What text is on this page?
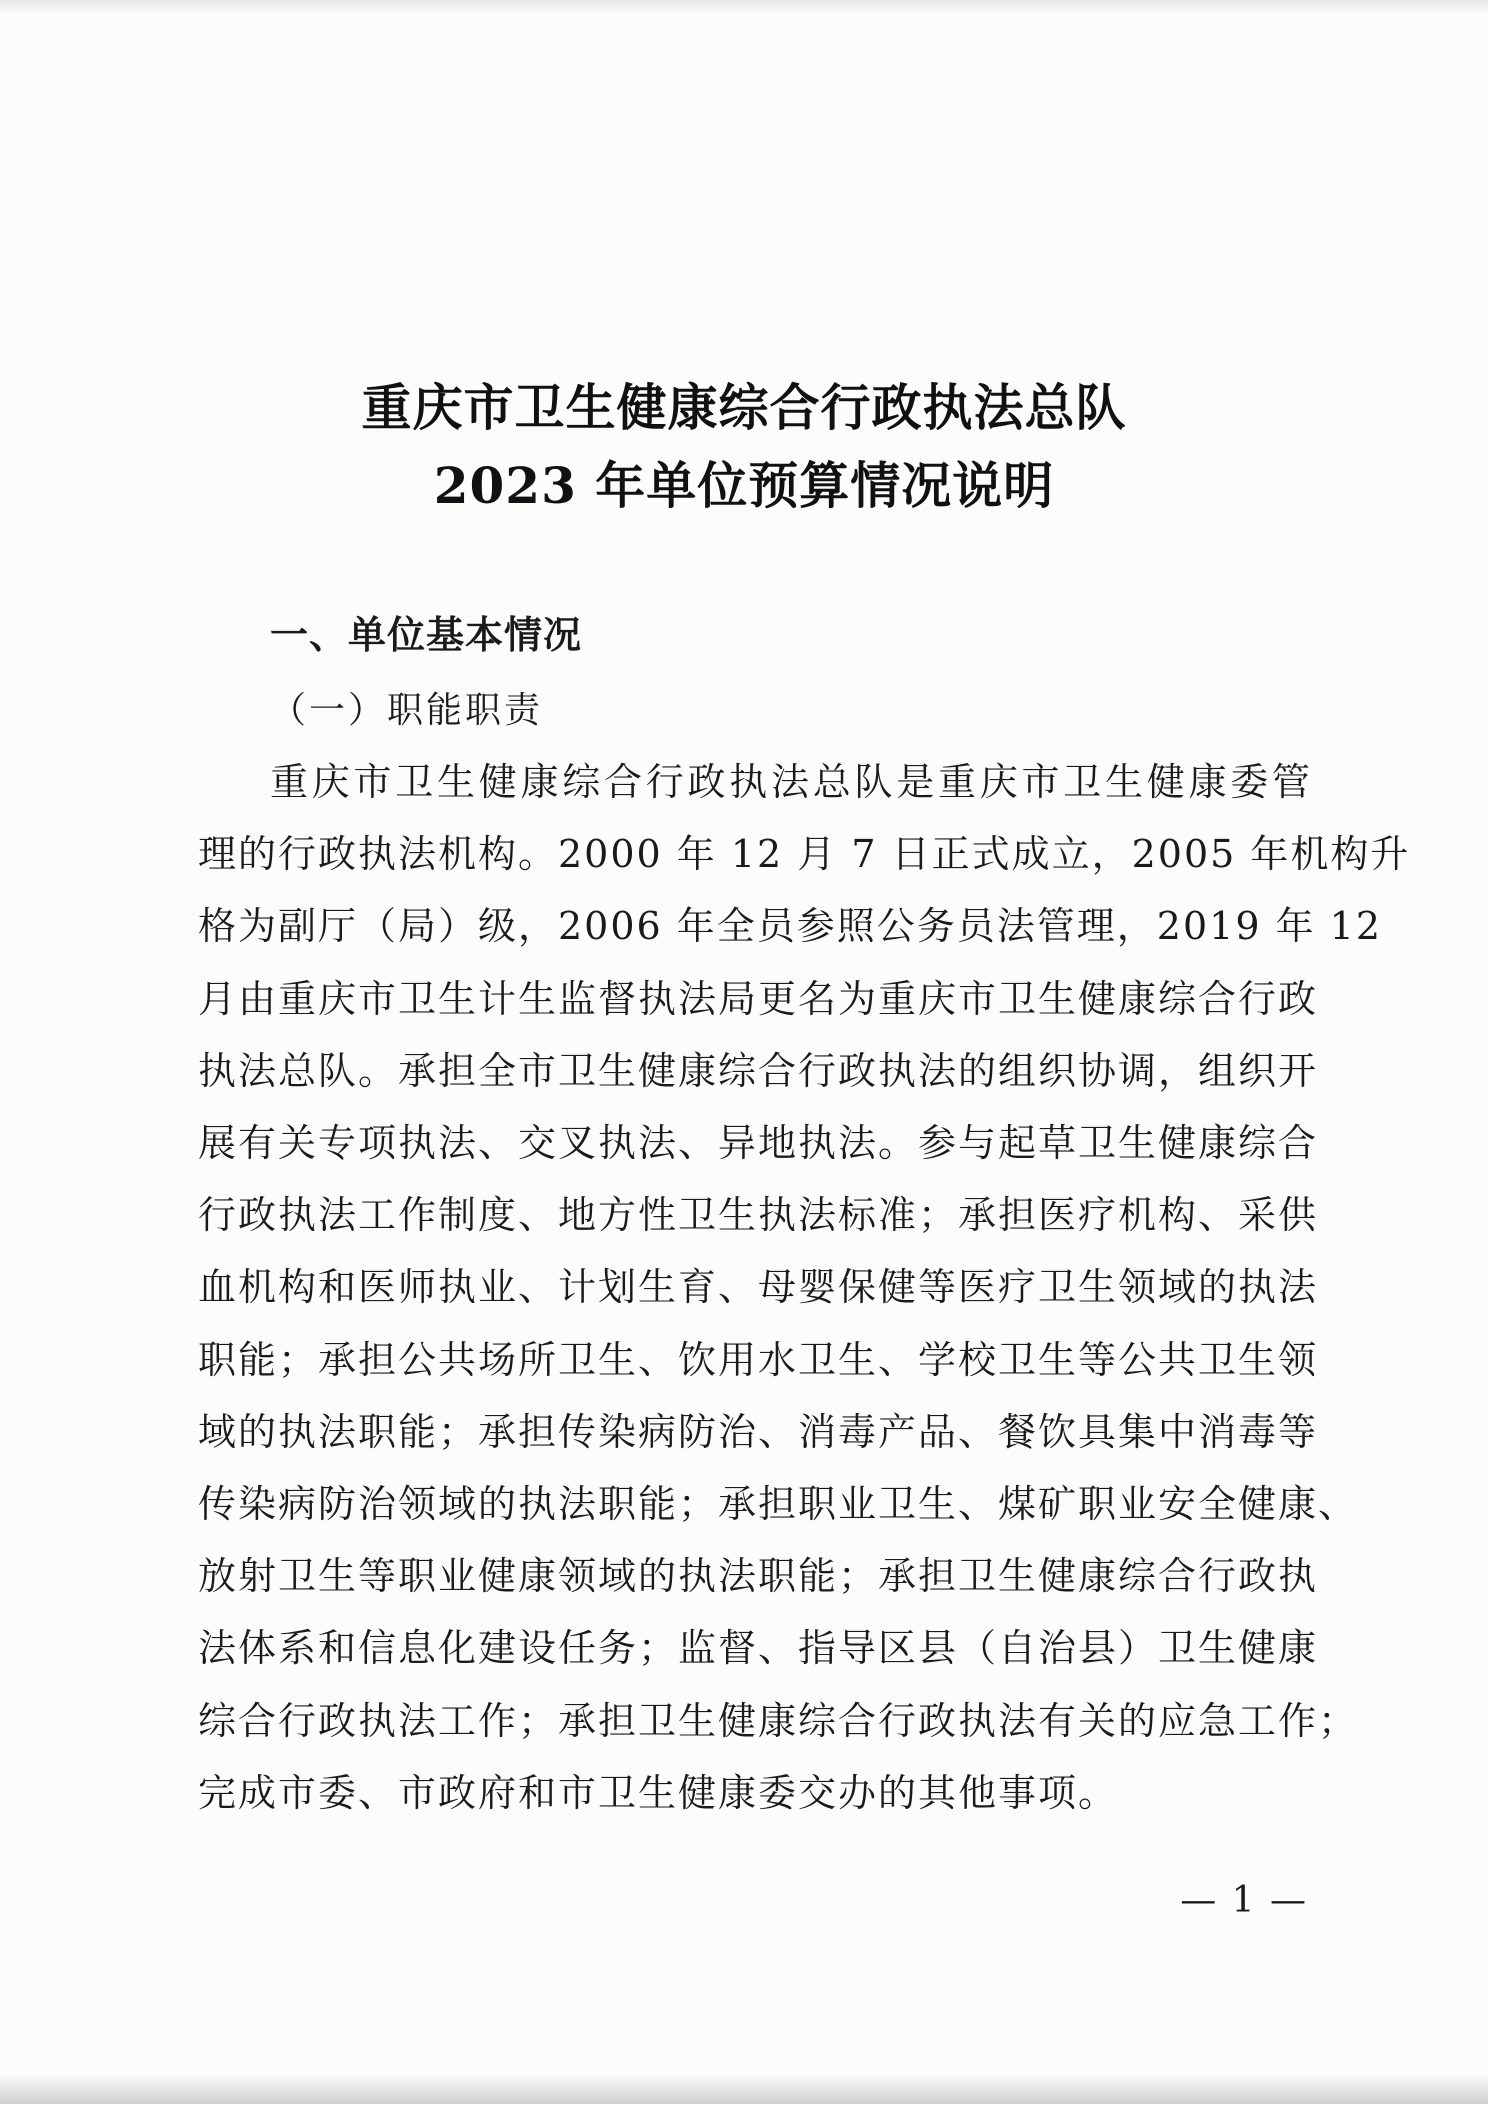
重庆市卫生健康综合行政执法总队
2023 年单位预算情况说明
一、单位基本情况
（一）职能职责
重庆市卫生健康综合行政执法总队是重庆市卫生健康委管
理的行政执法机构。2000 年 12 月 7 日正式成立，2005 年机构升
格为副厅（局）级，2006 年全员参照公务员法管理，2019 年 12
月由重庆市卫生计生监督执法局更名为重庆市卫生健康综合行政
执法总队。承担全市卫生健康综合行政执法的组织协调，组织开
展有关专项执法、交叉执法、异地执法。参与起草卫生健康综合
行政执法工作制度、地方性卫生执法标准；承担医疗机构、采供
血机构和医师执业、计划生育、母婴保健等医疗卫生领域的执法
职能；承担公共场所卫生、饮用水卫生、学校卫生等公共卫生领
域的执法职能；承担传染病防治、消毒产品、餐饮具集中消毒等
传染病防治领域的执法职能；承担职业卫生、煤矿职业安全健康、
放射卫生等职业健康领域的执法职能；承担卫生健康综合行政执
法体系和信息化建设任务；监督、指导区县（自治县）卫生健康
综合行政执法工作；承担卫生健康综合行政执法有关的应急工作；
完成市委、市政府和市卫生健康委交办的其他事项。
— 1 —
